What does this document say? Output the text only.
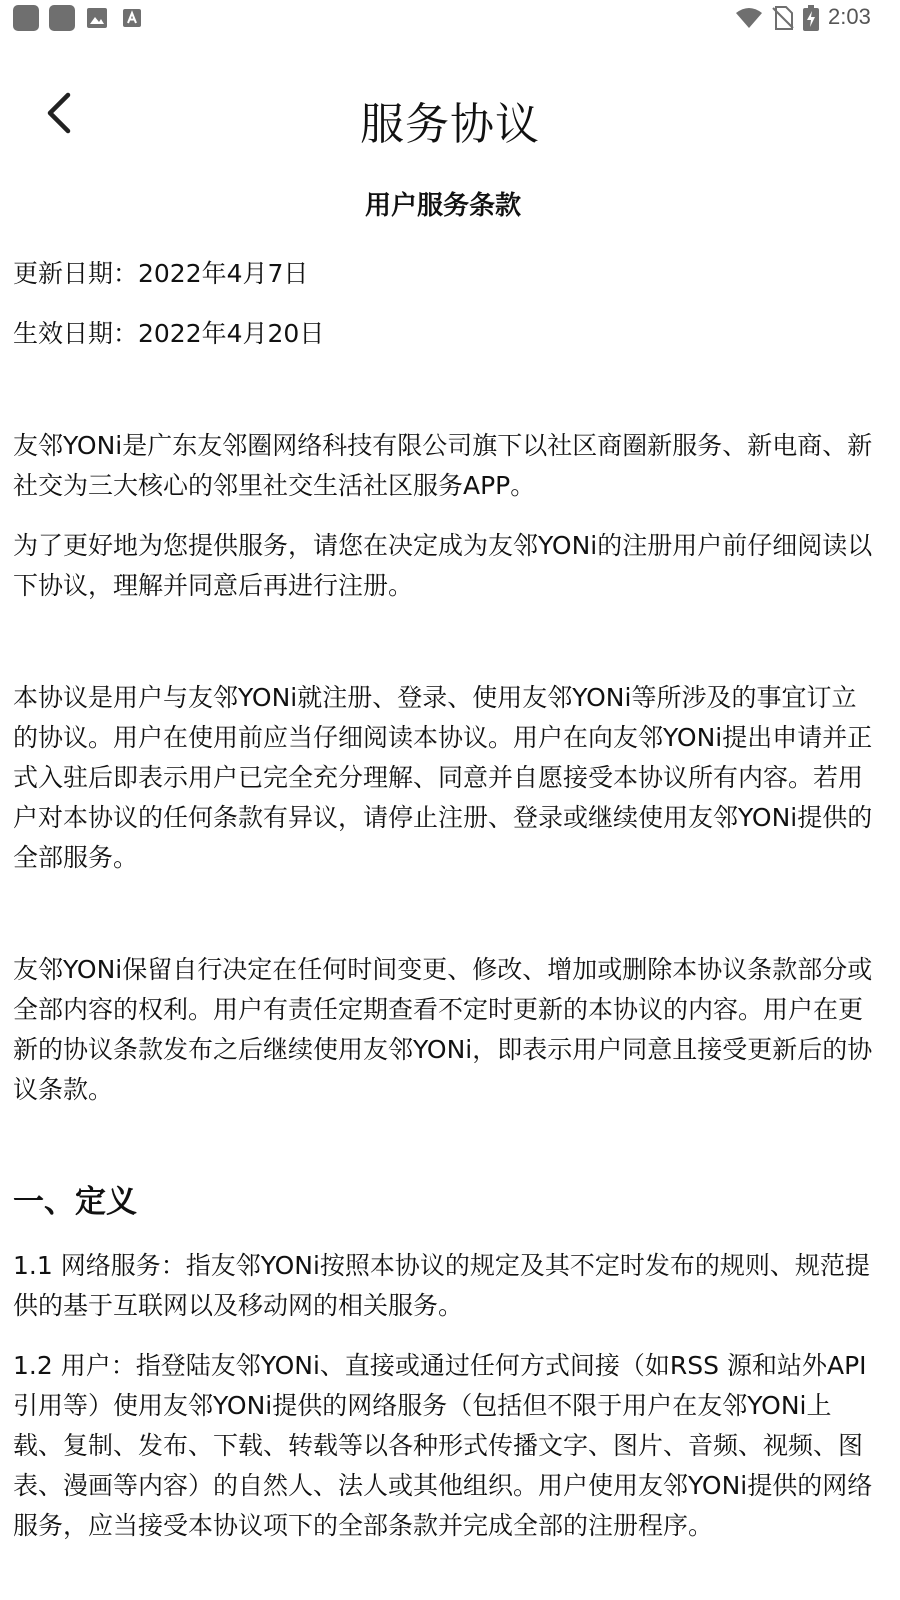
2:03
服务协议
用户服务条款

更新日期：2022年4月7日

生效日期：2022年4月20日

友邻YONi是广东友邻圈网络科技有限公司旗下以社区商圈新服务、新电商、新社交为三大核心的邻里社交生活社区服务APP。

为了更好地为您提供服务，请您在决定成为友邻YONi的注册用户前仔细阅读以下协议，理解并同意后再进行注册。

本协议是用户与友邻YONi就注册、登录、使用友邻YONi等所涉及的事宜订立的协议。用户在使用前应当仔细阅读本协议。用户在向友邻YONi提出申请并正式入驻后即表示用户已完全充分理解、同意并自愿接受本协议所有内容。若用户对本协议的任何条款有异议，请停止注册、登录或继续使用友邻YONi提供的全部服务。

友邻YONi保留自行决定在任何时间变更、修改、增加或删除本协议条款部分或全部内容的权利。用户有责任定期查看不定时更新的本协议的内容。用户在更新的协议条款发布之后继续使用友邻YONi，即表示用户同意且接受更新后的协议条款。

一、定义

1.1 网络服务：指友邻YONi按照本协议的规定及其不定时发布的规则、规范提供的基于互联网以及移动网的相关服务。

1.2 用户：指登陆友邻YONi、直接或通过任何方式间接（如RSS 源和站外API 引用等）使用友邻YONi提供的网络服务（包括但不限于用户在友邻YONi上载、复制、发布、下载、转载等以各种形式传播文字、图片、音频、视频、图表、漫画等内容）的自然人、法人或其他组织。用户使用友邻YONi提供的网络服务，应当接受本协议项下的全部条款并完成全部的注册程序。
